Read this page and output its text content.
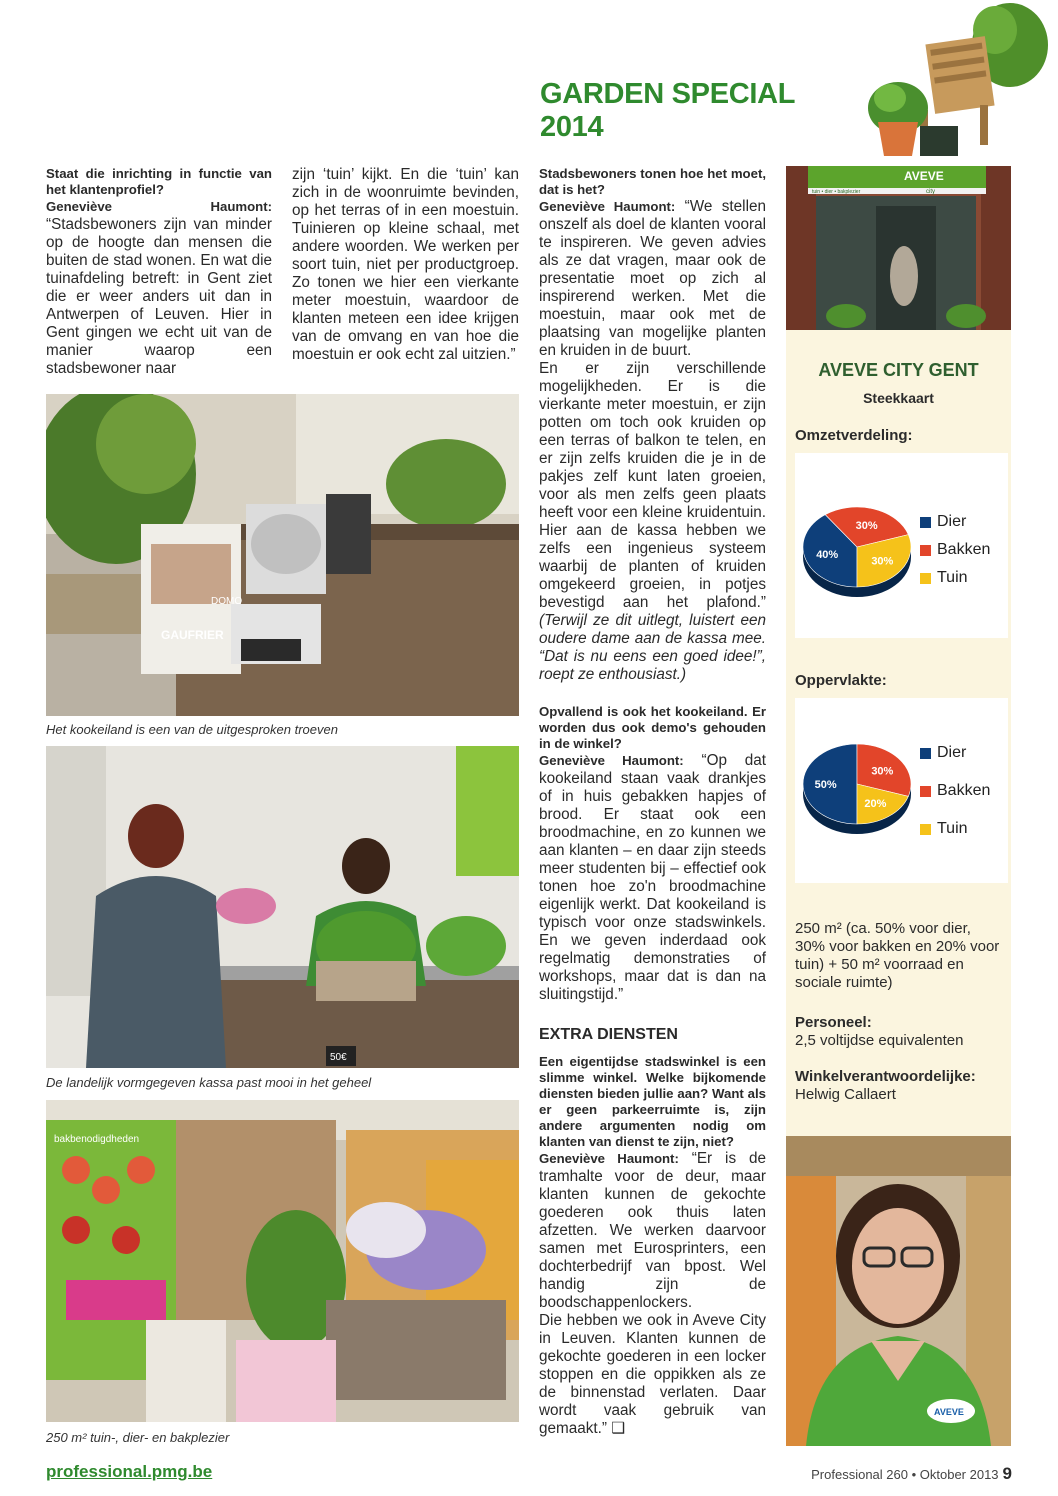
GARDEN SPECIAL 2014

Staat die inrichting in functie van het klantenprofiel?

Geneviève Haumont: “Stadsbewoners zijn van minder op de hoogte dan mensen die buiten de stad wonen. En wat die tuinafdeling betreft: in Gent ziet die er weer anders uit dan in Antwerpen of Leuven. Hier in Gent gingen we echt uit van de manier waarop een stadsbewoner naar

zijn ‘tuin’ kijkt. En die ‘tuin’ kan zich in de woonruimte bevinden, op het terras of in een moestuin. Tuinieren op kleine schaal, met andere woorden. We werken per soort tuin, niet per productgroep. Zo tonen we hier een vierkante meter moestuin, waardoor de klanten meteen een idee krijgen van de omvang en van hoe die moestuin er ook echt zal uitzien.”

GAUFRIER
DOMO
Het kookeiland is een van de uitgesproken troeven
50€
De landelijk vormgegeven kassa past mooi in het geheel
bakbenodigdheden
250 m² tuin-, dier- en bakplezier

Stadsbewoners tonen hoe het moet, dat is het?

Geneviève Haumont: “We stellen onszelf als doel de klanten vooral te inspireren. We geven advies als ze dat vragen, maar ook de presentatie moet op zich al inspirerend werken. Met die moestuin, maar ook met de plaatsing van mogelijke planten en kruiden in de buurt.

En er zijn verschillende mogelijkheden. Er is die vierkante meter moestuin, er zijn potten om toch ook kruiden op een terras of balkon te telen, en er zijn zelfs kruiden die je in de pakjes zelf kunt laten groeien, voor als men zelfs geen plaats heeft voor een kleine kruidentuin. Hier aan de kassa hebben we zelfs een ingenieus systeem waarbij de planten of kruiden omgekeerd groeien, in potjes bevestigd aan het plafond.” (Terwijl ze dit uitlegt, luistert een oudere dame aan de kassa mee. “Dat is nu eens een goed idee!”, roept ze enthousiast.)

Opvallend is ook het kookeiland. Er worden dus ook demo's gehouden in de winkel?

Geneviève Haumont: “Op dat kookeiland staan vaak drankjes of in huis gebakken hapjes of brood. Er staat ook een broodmachine, en zo kunnen we aan klanten – en daar zijn steeds meer studenten bij – effectief ook tonen hoe zo'n broodmachine eigenlijk werkt. Dat kookeiland is typisch voor onze stadswinkels. En we geven inderdaad ook regelmatig demonstraties of workshops, maar dat is dan na sluitingstijd.”

EXTRA DIENSTEN

Een eigentijdse stadswinkel is een slimme winkel. Welke bijkomende diensten bieden jullie aan? Want als er geen parkeerruimte is, zijn andere argumenten nodig om klanten van dienst te zijn, niet?

Geneviève Haumont: “Er is de tramhalte voor de deur, maar klanten kunnen de gekochte goederen ook thuis laten afzetten. We werken daarvoor samen met Eurosprinters, een dochterbedrijf van bpost. Wel handig zijn de boodschappenlockers.

Die hebben we ook in Aveve City in Leuven. Klanten kunnen de gekochte goederen in een locker stoppen en die oppikken als ze de binnenstad verlaten. Daar wordt vaak gebruik van gemaakt.” ❑

AVEVE
city
tuin • dier • bakplezier
AVEVE CITY GENT
Steekkaart
Omzetverdeling:
40%
30%
30%
Dier
Bakken
Tuin
Oppervlakte:
50%
30%
20%
Dier
Bakken
Tuin
250 m² (ca. 50% voor dier, 30% voor bakken en 20% voor tuin) + 50 m² voorraad en sociale ruimte)
Personeel:
2,5 voltijdse equivalenten
Winkelverantwoordelijke:
Helwig Callaert
AVEVE
professional.pmg.be	Professional 260 • Oktober 2013 9
